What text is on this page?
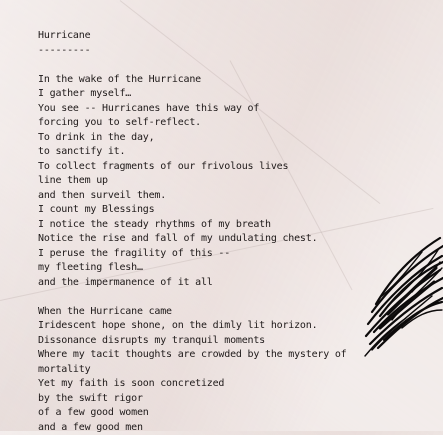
Hurricane
---------
In the wake of the Hurricane
I gather myself…
You see -- Hurricanes have this way of
forcing you to self-reflect.
To drink in the day,
to sanctify it.
To collect fragments of our frivolous lives
line them up
and then surveil them.
I count my Blessings
I notice the steady rhythms of my breath
Notice the rise and fall of my undulating chest.
I peruse the fragility of this --
my fleeting flesh…
and the impermanence of it all
When the Hurricane came
Iridescent hope shone, on the dimly lit horizon.
Dissonance disrupts my tranquil moments
Where my tacit thoughts are crowded by the mystery of
mortality
Yet my faith is soon concretized
by the swift rigor
of a few good women
and a few good men
